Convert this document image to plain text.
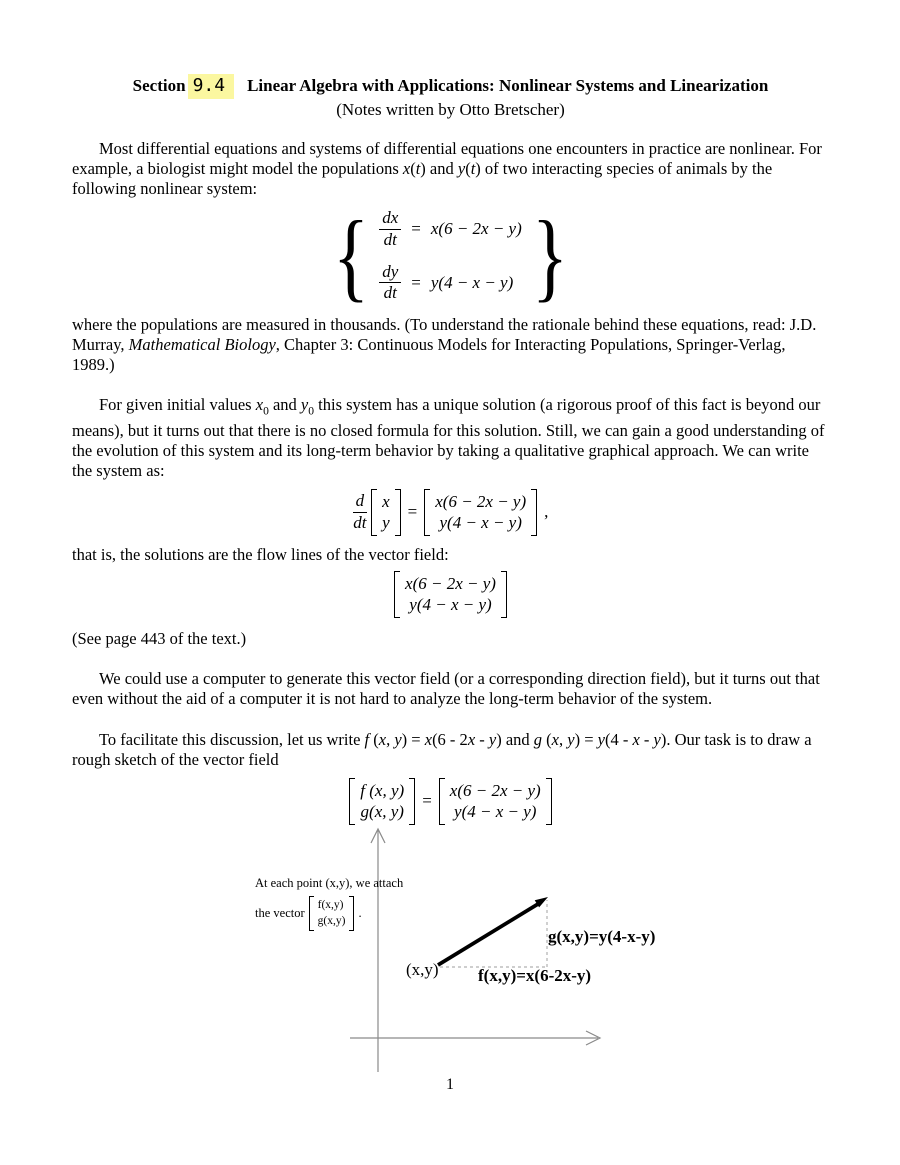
Section 9.4 Linear Algebra with Applications: Nonlinear Systems and Linearization
(Notes written by Otto Bretscher)
Most differential equations and systems of differential equations one encounters in practice are nonlinear. For example, a biologist might model the populations x(t) and y(t) of two interacting species of animals by the following nonlinear system:
{ $\frac{dx}{dt} = x(6 - 2x - y)$
$\frac{dy}{dt} = y(4 - x - y)$ }
where the populations are measured in thousands. (To understand the rationale behind these equations, read: J.D. Murray, Mathematical Biology, Chapter 3: Continuous Models for Interacting Populations, Springer-Verlag, 1989.)
For given initial values $x_0$ and $y_0$ this system has a unique solution (a rigorous proof of this fact is beyond our means), but it turns out that there is no closed formula for this solution. Still, we can gain a good understanding of the evolution of this system and its long-term behavior by taking a qualitative graphical approach. We can write the system as:
$\frac{d}{dt}$ x
y
=
x(6 − 2x − y)
y(4 − x − y)
,
that is, the solutions are the flow lines of the vector field:
x(6 − 2x − y)
y(4 − x − y)
(See page 443 of the text.)
We could use a computer to generate this vector field (or a corresponding direction field), but it turns out that even without the aid of a computer it is not hard to analyze the long-term behavior of the system.
To facilitate this discussion, let us write f (x, y) = x(6 - 2x - y) and g (x, y) = y(4 - x - y). Our task is to draw a rough sketch of the vector field
f (x, y)
g(x, y)
=
x(6 − 2x − y)
y(4 − x − y)
At each point (x,y), we attach
the vector
f(x,y)
g(x,y)
.
(x,y) f(x,y)=x(6-2x-y)
g(x,y)=y(4-x-y)
1
